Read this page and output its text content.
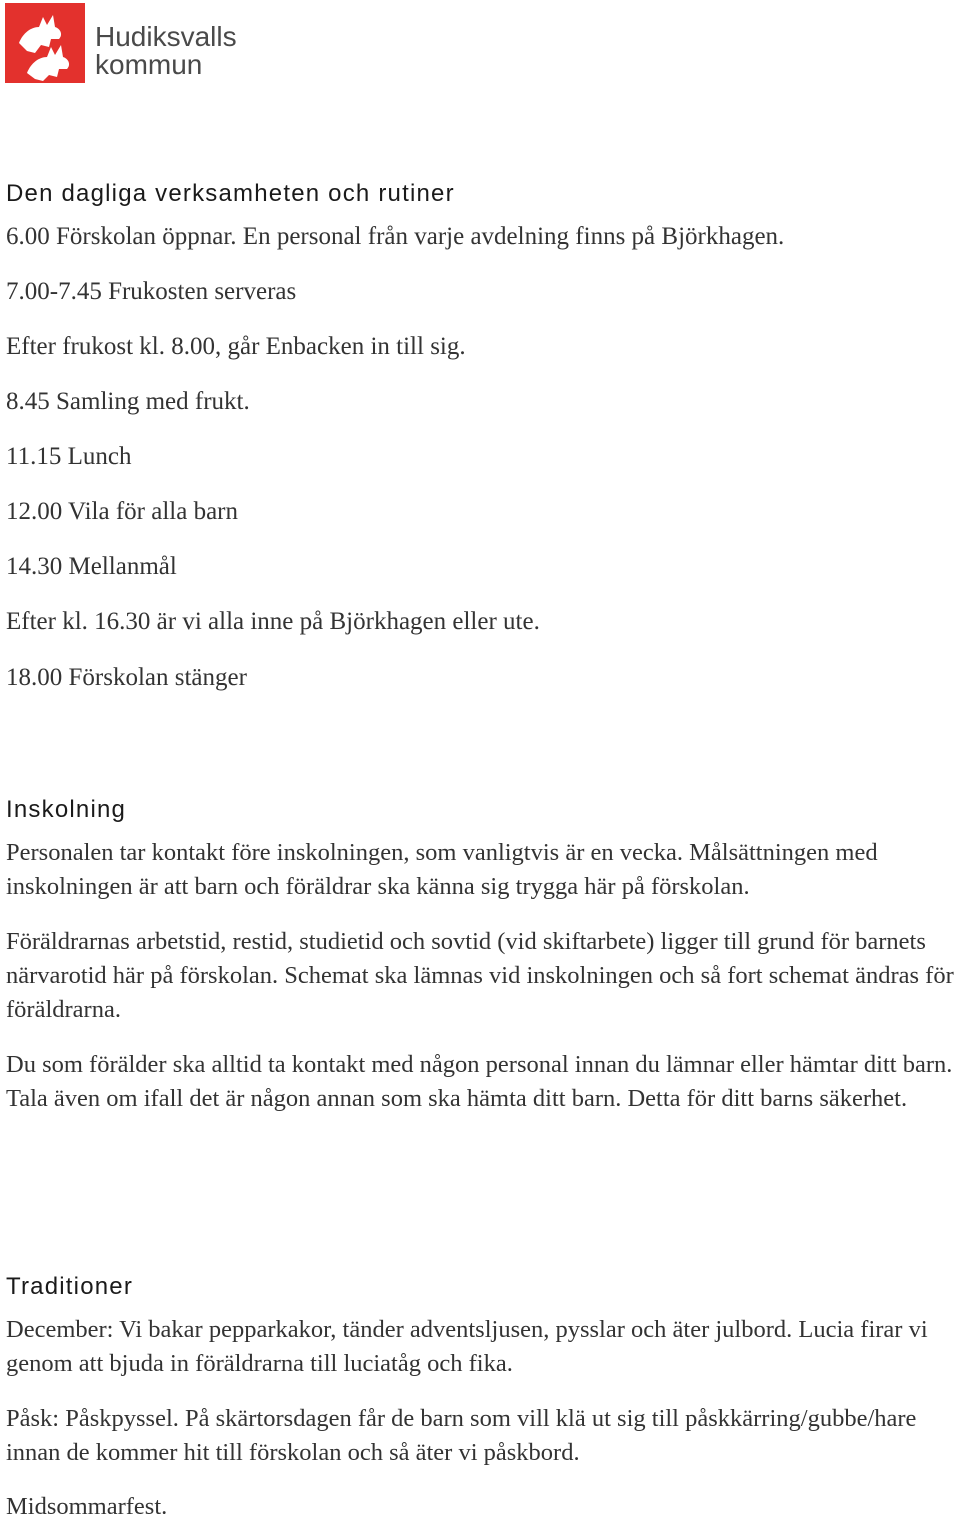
Hudiksvalls
kommun
Den dagliga verksamheten och rutiner

6.00 Förskolan öppnar. En personal från varje avdelning finns på Björkhagen.

7.00-7.45 Frukosten serveras

Efter frukost kl. 8.00, går Enbacken in till sig.

8.45 Samling med frukt.

11.15 Lunch

12.00 Vila för alla barn

14.30 Mellanmål

Efter kl. 16.30 är vi alla inne på Björkhagen eller ute.

18.00 Förskolan stänger

Inskolning

Personalen tar kontakt före inskolningen, som vanligtvis är en vecka. Målsättningen med inskolningen är att barn och föräldrar ska känna sig trygga här på förskolan.

Föräldrarnas arbetstid, restid, studietid och sovtid (vid skiftarbete) ligger till grund för barnets närvarotid här på förskolan. Schemat ska lämnas vid inskolningen och så fort schemat ändras för föräldrarna.

Du som förälder ska alltid ta kontakt med någon personal innan du lämnar eller hämtar ditt barn. Tala även om ifall det är någon annan som ska hämta ditt barn. Detta för ditt barns säkerhet.

Traditioner

December: Vi bakar pepparkakor, tänder adventsljusen, pysslar och äter julbord. Lucia firar vi genom att bjuda in föräldrarna till luciatåg och fika.

Påsk: Påskpyssel. På skärtorsdagen får de barn som vill klä ut sig till påskkärring/gubbe/hare innan de kommer hit till förskolan och så äter vi påskbord.

Midsommarfest.
